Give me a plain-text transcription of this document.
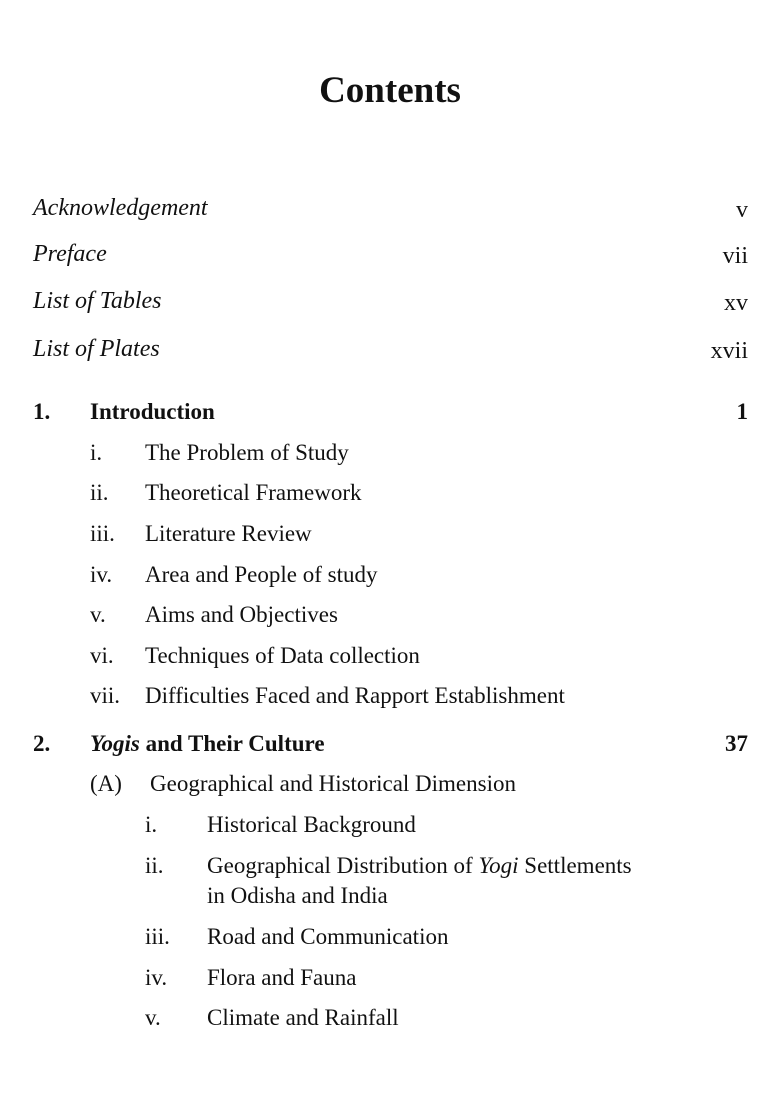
Contents
Acknowledgement	v
Preface	vii
List of Tables	xv
List of Plates	xvii
1. Introduction	1
i. The Problem of Study
ii. Theoretical Framework
iii. Literature Review
iv. Area and People of study
v. Aims and Objectives
vi. Techniques of Data collection
vii. Difficulties Faced and Rapport Establishment
2. Yogis and Their Culture	37
(A) Geographical and Historical Dimension
i. Historical Background
ii. Geographical Distribution of Yogi Settlements
in Odisha and India
iii. Road and Communication
iv. Flora and Fauna
v. Climate and Rainfall
